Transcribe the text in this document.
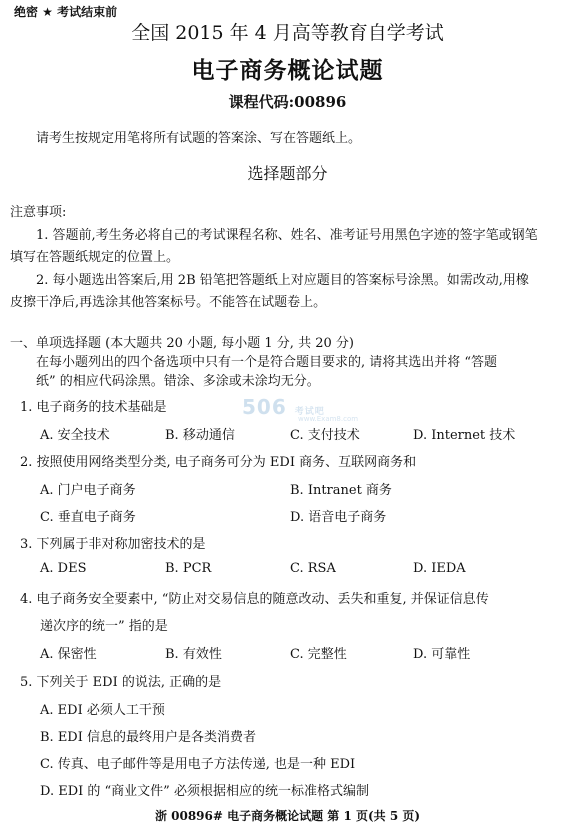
绝密 ★ 考试结束前
全国 2015 年 4 月高等教育自学考试
电子商务概论试题
课程代码:00896
请考生按规定用笔将所有试题的答案涂、写在答题纸上。
选择题部分
注意事项:
1. 答题前,考生务必将自己的考试课程名称、姓名、准考证号用黑色字迹的签字笔或钢笔
填写在答题纸规定的位置上。
2. 每小题选出答案后,用 2B 铅笔把答题纸上对应题目的答案标号涂黑。如需改动,用橡
皮擦干净后,再选涂其他答案标号。不能答在试题卷上。
一、单项选择题 (本大题共 20 小题, 每小题 1 分, 共 20 分)
在每小题列出的四个备选项中只有一个是符合题目要求的, 请将其选出并将 “答题
纸” 的相应代码涂黑。错涂、多涂或未涂均无分。
506 考试吧
www.Exam8.com
1. 电子商务的技术基础是
A. 安全技术	B. 移动通信	C. 支付技术	D. Internet 技术
2. 按照使用网络类型分类, 电子商务可分为 EDI 商务、互联网商务和
A. 门户电子商务	B. Intranet 商务
C. 垂直电子商务	D. 语音电子商务
3. 下列属于非对称加密技术的是
A. DES	B. PCR	C. RSA	D. IEDA
4. 电子商务安全要素中, “防止对交易信息的随意改动、丢失和重复, 并保证信息传
递次序的统一” 指的是
A. 保密性	B. 有效性	C. 完整性	D. 可靠性
5. 下列关于 EDI 的说法, 正确的是
A. EDI 必须人工干预
B. EDI 信息的最终用户是各类消费者
C. 传真、电子邮件等是用电子方法传递, 也是一种 EDI
D. EDI 的 “商业文件” 必须根据相应的统一标准格式编制
浙 00896# 电子商务概论试题 第 1 页(共 5 页)
